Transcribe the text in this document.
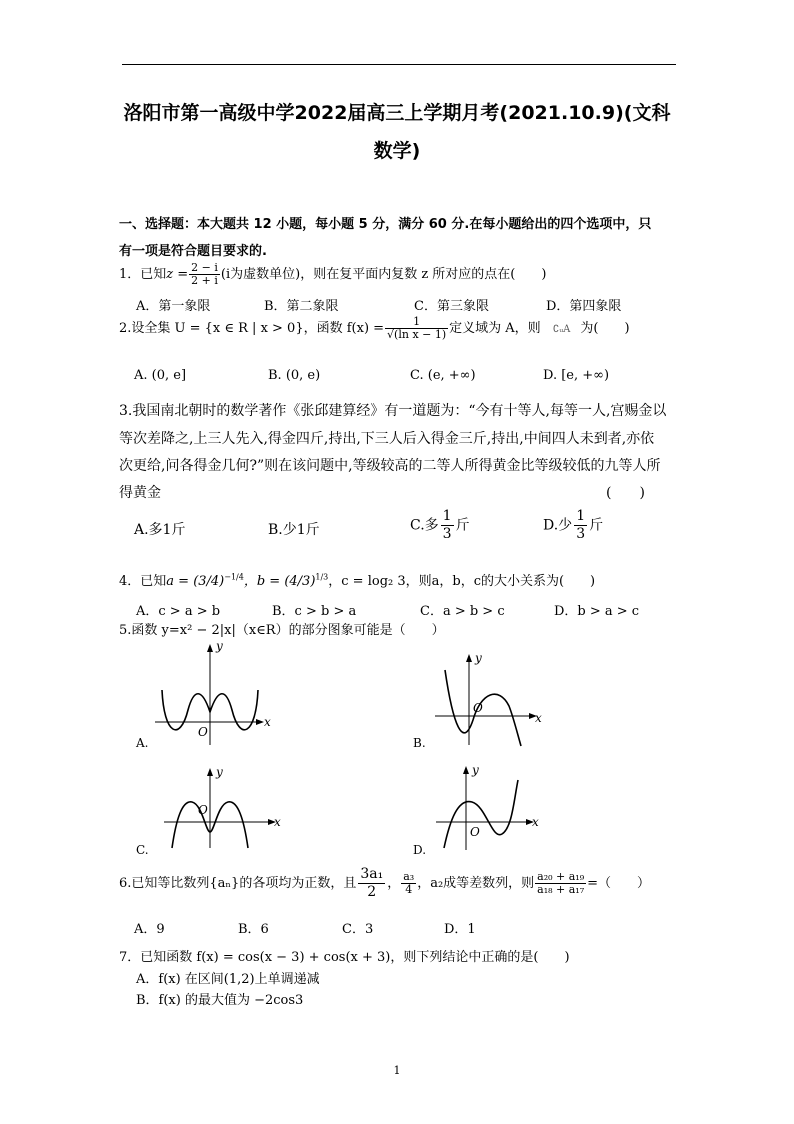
洛阳市第一高级中学2022届高三上学期月考(2021.10.9)(文科
数学)
一、选择题：本大题共 12 小题，每小题 5 分，满分 60 分.在每小题给出的四个选项中，只
有一项是符合题目要求的.
1．已知$z = \frac{2 - i}{2 + i} (i$为虚数单位)，则在复平面内复数 z 所对应的点在(　　)
A．第一象限	B．第二象限	C．第三象限	D．第四象限
2.设全集 U = {x ∈ R | x > 0}，函数 $f(x) = \frac{1}{\text{√(ln x − 1)}}$ 定义域为 A，则 ∁ᵤA 为(　　)
A. (0, e]	B. (0, e)	C. (e, +∞)	D. [e, +∞)
3.我国南北朝时的数学著作《张邱建算经》有一道题为：“今有十等人,每等一人,宫赐金以
等次差降之,上三人先入,得金四斤,持出,下三人后入得金三斤,持出,中间四人未到者,亦依
次更给,问各得金几何?”则在该问题中,等级较高的二等人所得黄金比等级较低的九等人所
得黄金	(　　)
A.多1斤	B.少1斤	C.多 $\frac{1}{3}$ 斤	D.少 $\frac{1}{3}$ 斤
4．已知$a = (3/4)^{-1/4}$，$b = (4/3)^{1/3}$，c = log₂ 3，则a，b，c的大小关系为(　　)
A．c > a > b	B．c > b > a	C．a > b > c	D．b > a > c
5.函数 y=x² − 2|x|（x∈R）的部分图象可能是（　　）
y
x
O
A.
y
x
O
B.
y
x
O
C.
y
x
O
D.
6.已知等比数列{aₙ}的各项均为正数，且 $\frac{\text{3a₁}}{2}$ ， $\frac{\text{a₃}}{4}$ ，a₂成等差数列，则 $\frac{\text{a₂₀ + a₁₉}}{\text{a₁₈ + a₁₇}}$ =（　　）
A．9	B．6	C．3	D．1
7．已知函数 f(x) = cos(x − 3) + cos(x + 3)，则下列结论中正确的是(　　)
A．f(x) 在区间(1,2)上单调递减
B．f(x) 的最大值为 −2cos3
1
